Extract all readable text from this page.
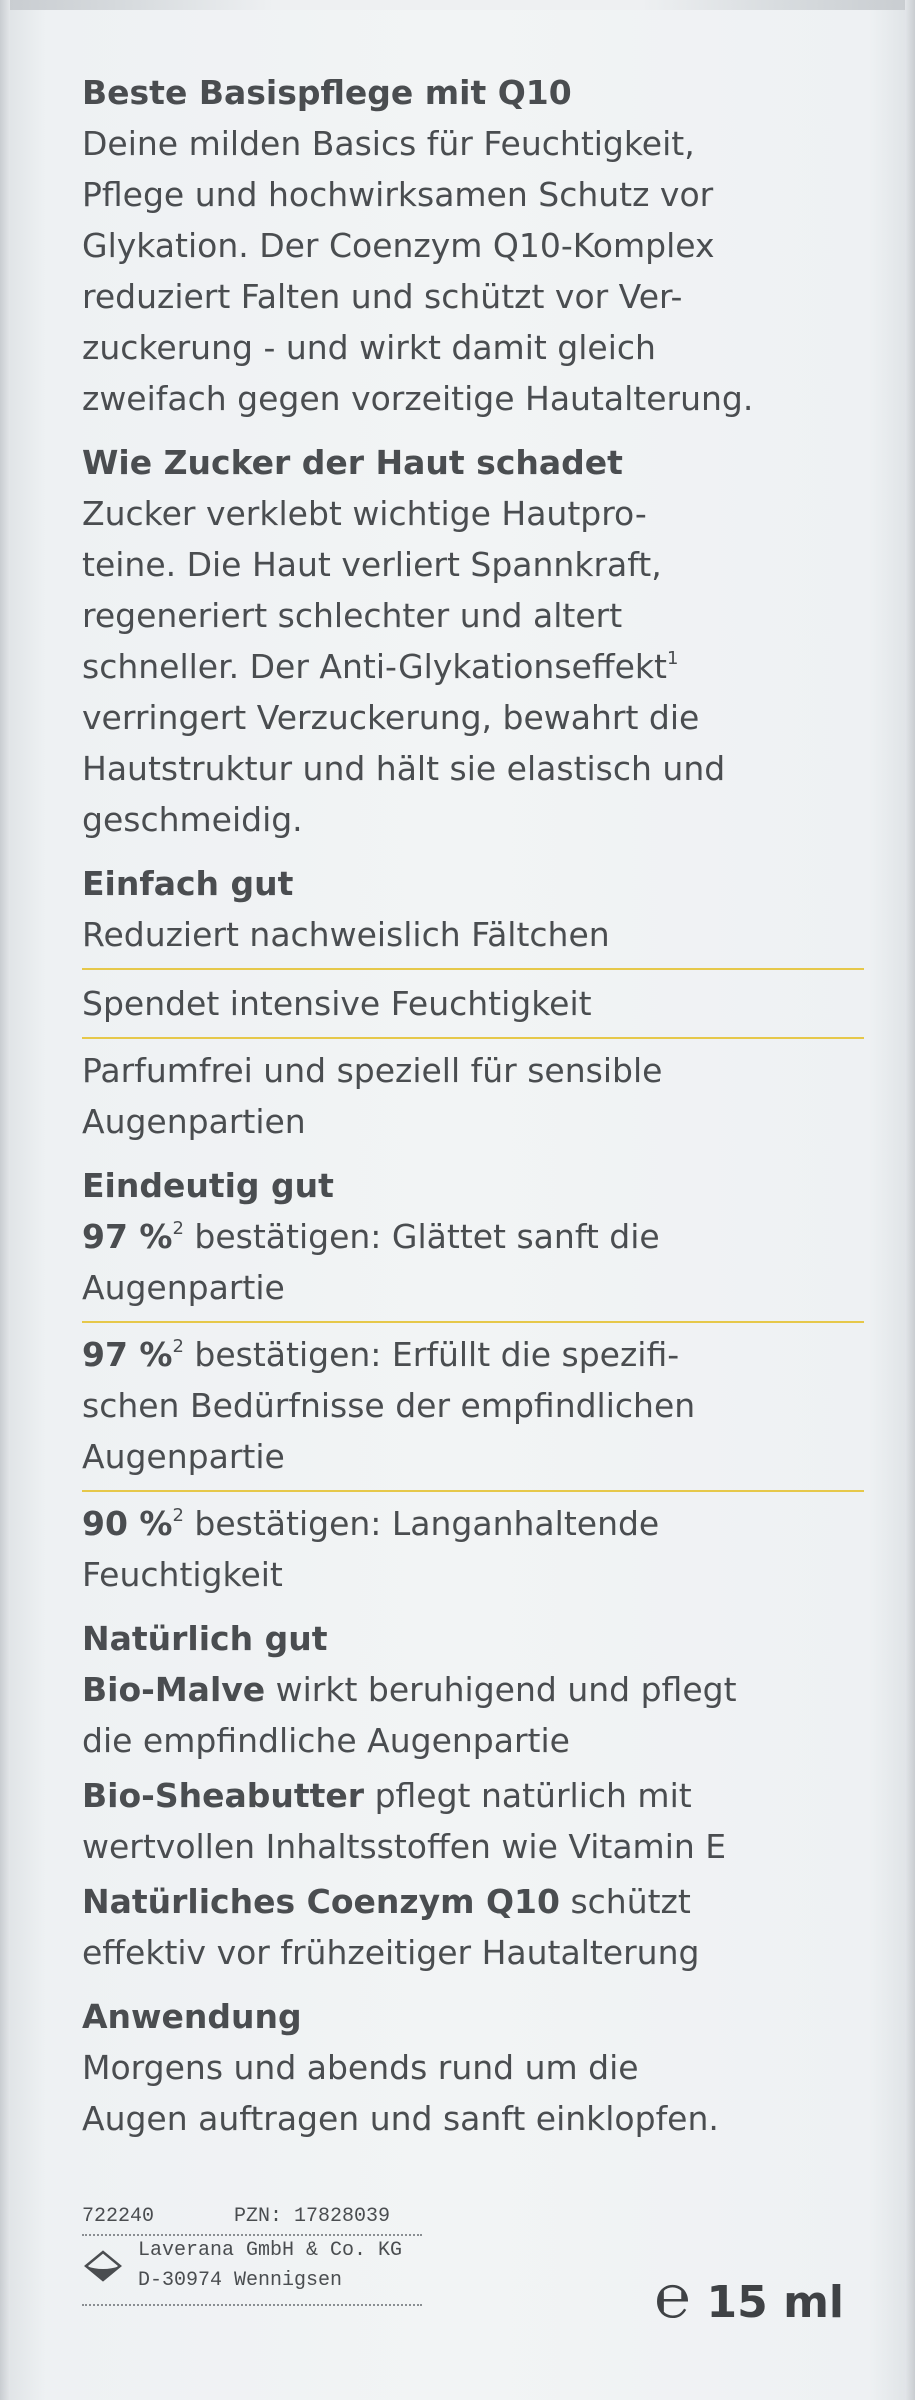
Beste Basispflege mit Q10

Deine milden Basics für Feuchtigkeit,

Pflege und hochwirksamen Schutz vor

Glykation. Der Coenzym Q10-Komplex

reduziert Falten und schützt vor Ver-

zuckerung - und wirkt damit gleich

zweifach gegen vorzeitige Hautalterung.

Wie Zucker der Haut schadet

Zucker verklebt wichtige Hautpro-

teine. Die Haut verliert Spannkraft,

regeneriert schlechter und altert

schneller. Der Anti-Glykationseffekt$^1$

verringert Verzuckerung, bewahrt die

Hautstruktur und hält sie elastisch und

geschmeidig.

Einfach gut

Reduziert nachweislich Fältchen

Spendet intensive Feuchtigkeit

Parfumfrei und speziell für sensible

Augenpartien

Eindeutig gut

97 %$^2$ bestätigen: Glättet sanft die

Augenpartie

97 %$^2$ bestätigen: Erfüllt die spezifi-

schen Bedürfnisse der empfindlichen

Augenpartie

90 %$^2$ bestätigen: Langanhaltende

Feuchtigkeit

Natürlich gut

Bio-Malve wirkt beruhigend und pflegt

die empfindliche Augenpartie

Bio-Sheabutter pflegt natürlich mit

wertvollen Inhaltsstoffen wie Vitamin E

Natürliches Coenzym Q10 schützt

effektiv vor frühzeitiger Hautalterung

Anwendung

Morgens und abends rund um die

Augen auftragen und sanft einklopfen.

722240	PZN: 17828039
Laverana GmbH & Co. KG
D-30974 Wennigsen	℮ 15 ml
